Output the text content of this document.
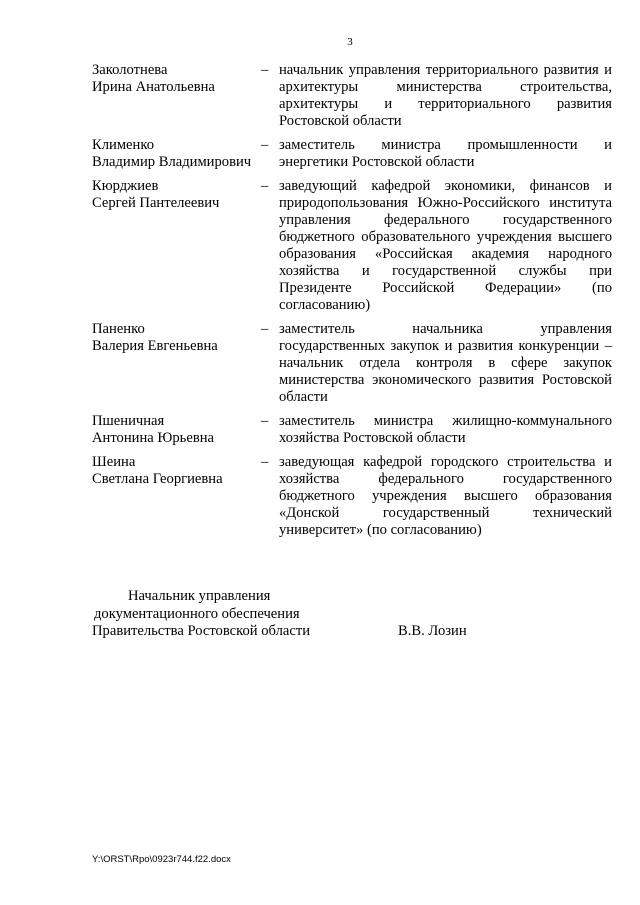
3
Заколотнева
Ирина Анатольевна
– начальник управления территориального развития и архитектуры министерства строительства, архитектуры и территориального развития Ростовской области
Клименко
Владимир Владимирович
– заместитель министра промышленности и энергетики Ростовской области
Кюрджиев
Сергей Пантелеевич
– заведующий кафедрой экономики, финансов и природопользования Южно-Российского института управления федерального государственного бюджетного образовательного учреждения высшего образования «Российская академия народного хозяйства и государственной службы при Президенте Российской Федерации» (по согласованию)
Паненко
Валерия Евгеньевна
– заместитель начальника управления государственных закупок и развития конкуренции – начальник отдела контроля в сфере закупок министерства экономического развития Ростовской области
Пшеничная
Антонина Юрьевна
– заместитель министра жилищно-коммунального хозяйства Ростовской области
Шеина
Светлана Георгиевна
– заведующая кафедрой городского строительства и хозяйства федерального государственного бюджетного учреждения высшего образования «Донской государственный технический университет» (по согласованию)
Начальник управления
документационного обеспечения
Правительства Ростовской области	В.В. Лозин
Y:\ORST\Rpo\0923r744.f22.docx
